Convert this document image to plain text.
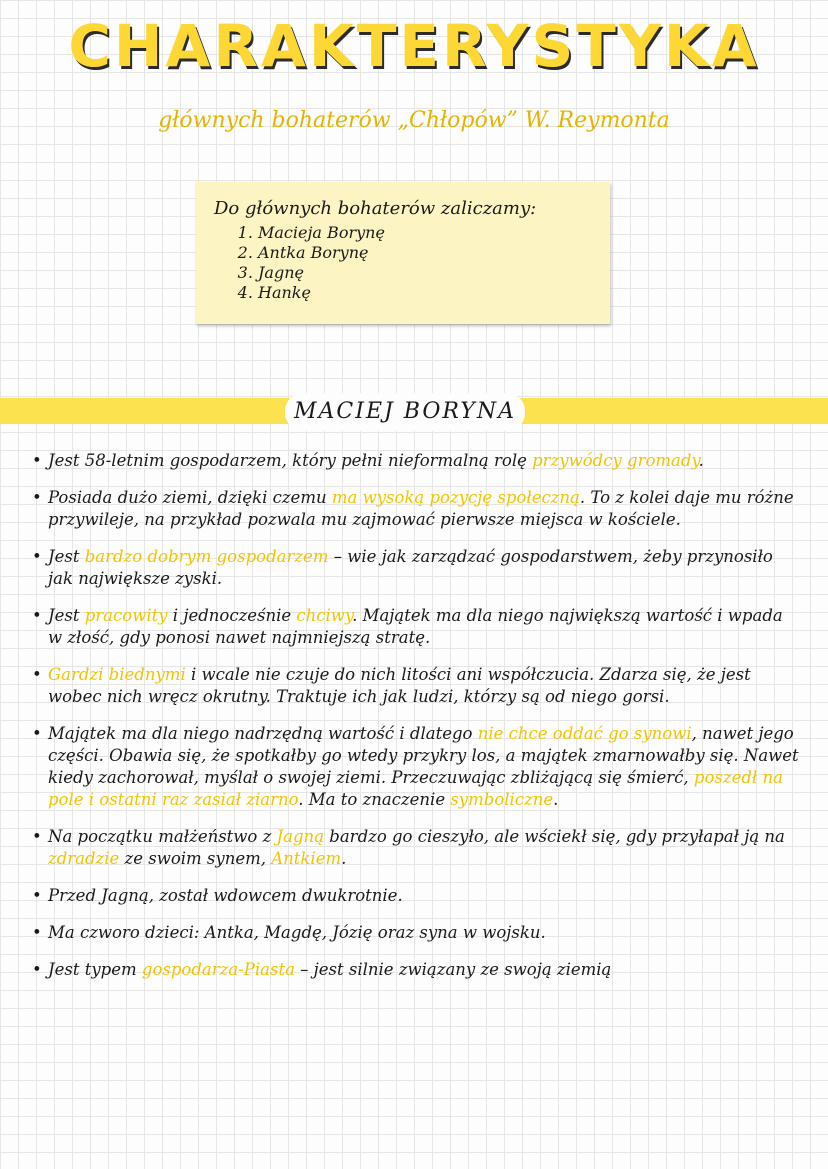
CHARAKTERYSTYKA
głównych bohaterów „Chłopów” W. Reymonta
Do głównych bohaterów zaliczamy:
1. Macieja Borynę
2. Antka Borynę
3. Jagnę
4. Hankę
MACIEJ BORYNA
• Jest 58-letnim gospodarzem, który pełni nieformalną rolę przywódcy gromady.
• Posiada dużo ziemi, dzięki czemu ma wysoką pozycję społeczną. To z kolei daje mu różne przywileje, na przykład pozwala mu zajmować pierwsze miejsca w kościele.
• Jest bardzo dobrym gospodarzem – wie jak zarządzać gospodarstwem, żeby przynosiło jak największe zyski.
• Jest pracowity i jednocześnie chciwy. Majątek ma dla niego największą wartość i wpada w złość, gdy ponosi nawet najmniejszą stratę.
• Gardzi biednymi i wcale nie czuje do nich litości ani współczucia. Zdarza się, że jest wobec nich wręcz okrutny. Traktuje ich jak ludzi, którzy są od niego gorsi.
• Majątek ma dla niego nadrzędną wartość i dlatego nie chce oddać go synowi, nawet jego części. Obawia się, że spotkałby go wtedy przykry los, a majątek zmarnowałby się. Nawet kiedy zachorował, myślał o swojej ziemi. Przeczuwając zbliżającą się śmierć, poszedł na pole i ostatni raz zasiał ziarno. Ma to znaczenie symboliczne.
• Na początku małżeństwo z Jagną bardzo go cieszyło, ale wściekł się, gdy przyłapał ją na zdradzie ze swoim synem, Antkiem.
• Przed Jagną, został wdowcem dwukrotnie.
• Ma czworo dzieci: Antka, Magdę, Józię oraz syna w wojsku.
• Jest typem gospodarza-Piasta – jest silnie związany ze swoją ziemią
